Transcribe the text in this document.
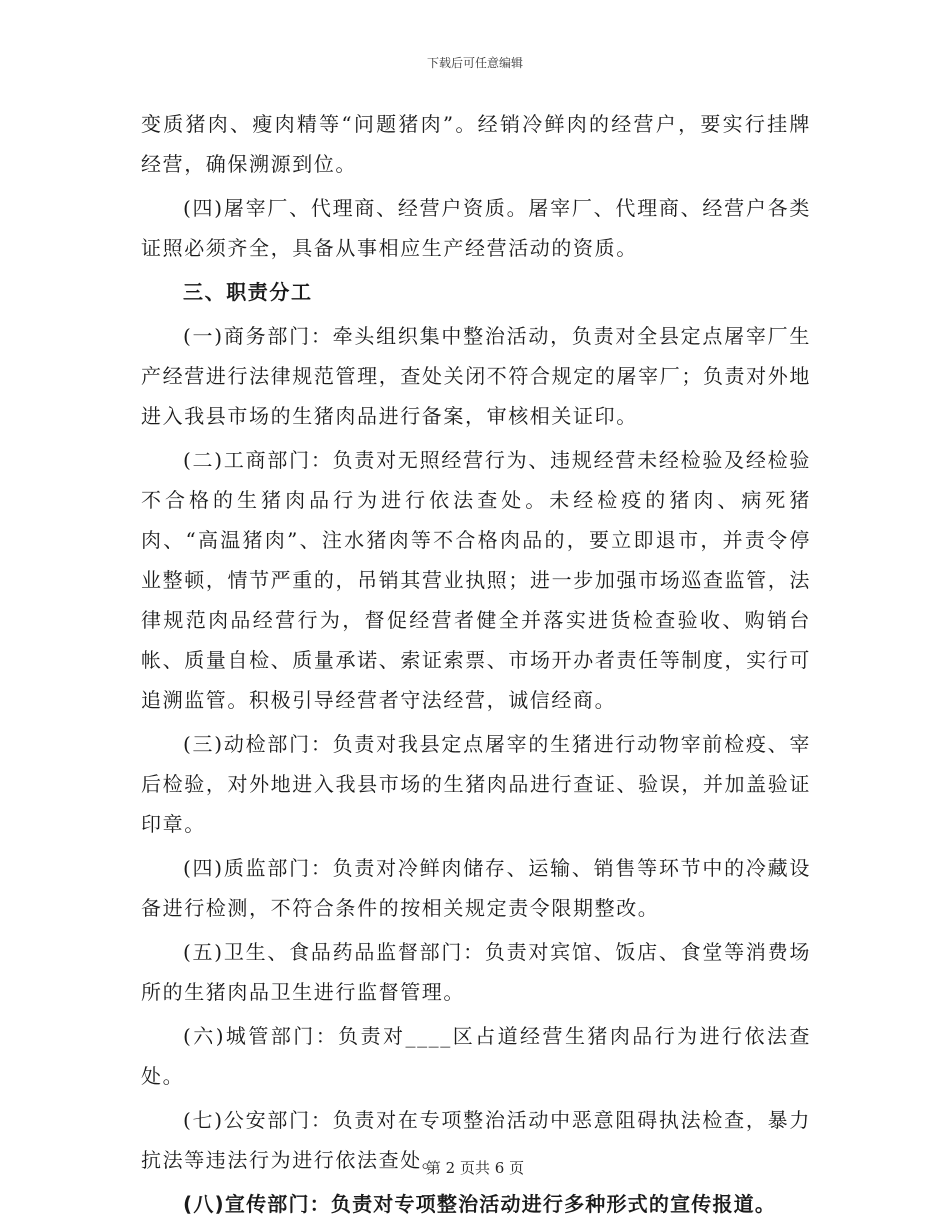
下载后可任意编辑

变质猪肉、瘦肉精等“问题猪肉”。经销冷鲜肉的经营户，要实行挂牌经营，确保溯源到位。

(四)屠宰厂、代理商、经营户资质。屠宰厂、代理商、经营户各类证照必须齐全，具备从事相应生产经营活动的资质。

三、职责分工

(一)商务部门：牵头组织集中整治活动，负责对全县定点屠宰厂生产经营进行法律规范管理，查处关闭不符合规定的屠宰厂；负责对外地进入我县市场的生猪肉品进行备案，审核相关证印。

(二)工商部门：负责对无照经营行为、违规经营未经检验及经检验不合格的生猪肉品行为进行依法查处。未经检疫的猪肉、病死猪肉、“高温猪肉”、注水猪肉等不合格肉品的，要立即退市，并责令停业整顿，情节严重的，吊销其营业执照；进一步加强市场巡查监管，法律规范肉品经营行为，督促经营者健全并落实进货检查验收、购销台帐、质量自检、质量承诺、索证索票、市场开办者责任等制度，实行可追溯监管。积极引导经营者守法经营，诚信经商。

(三)动检部门：负责对我县定点屠宰的生猪进行动物宰前检疫、宰后检验，对外地进入我县市场的生猪肉品进行查证、验误，并加盖验证印章。

(四)质监部门：负责对冷鲜肉储存、运输、销售等环节中的冷藏设备进行检测，不符合条件的按相关规定责令限期整改。

(五)卫生、食品药品监督部门：负责对宾馆、饭店、食堂等消费场所的生猪肉品卫生进行监督管理。

(六)城管部门：负责对____区占道经营生猪肉品行为进行依法查处。

(七)公安部门：负责对在专项整治活动中恶意阻碍执法检查，暴力抗法等违法行为进行依法查处。

(八)宣传部门：负责对专项整治活动进行多种形式的宣传报道。

第 2 页共 6 页
